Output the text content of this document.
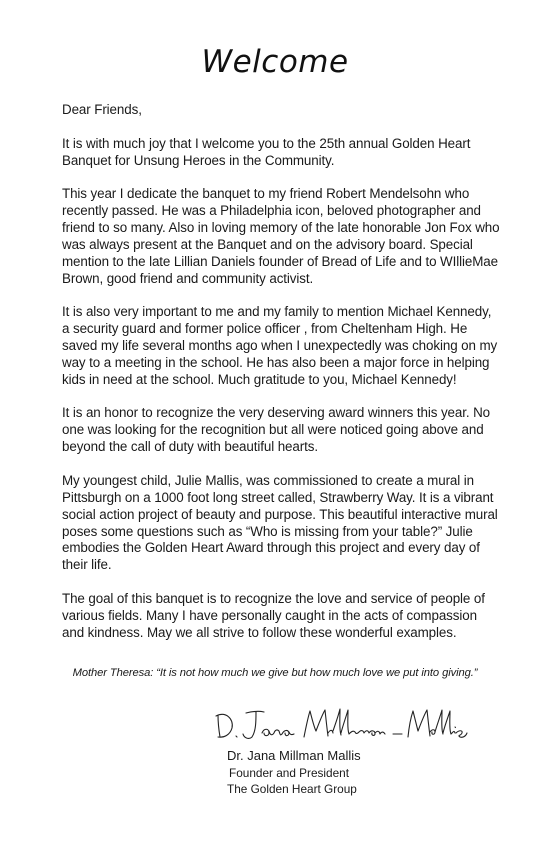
Welcome

Dear Friends,

It is with much joy that I welcome you to the 25th annual Golden Heart Banquet for Unsung Heroes in the Community.

This year I dedicate the banquet to my friend Robert Mendelsohn who recently passed. He was a Philadelphia icon, beloved photographer and friend to so many. Also in loving memory of the late honorable Jon Fox who was always present at the Banquet and on the advisory board. Special mention to the late Lillian Daniels founder of Bread of Life and to WIllieMae Brown, good friend and community activist.

It is also very important to me and my family to mention Michael Kennedy, a security guard and former police officer , from Cheltenham High. He saved my life several months ago when I unexpectedly was choking on my way to a meeting in the school. He has also been a major force in helping kids in need at the school. Much gratitude to you, Michael Kennedy!

It is an honor to recognize the very deserving award winners this year. No one was looking for the recognition but all were noticed going above and beyond the call of duty with beautiful hearts.

My youngest child, Julie Mallis, was commissioned to create a mural in Pittsburgh on a 1000 foot long street called, Strawberry Way. It is a vibrant social action project of beauty and purpose. This beautiful interactive mural poses some questions such as “Who is missing from your table?” Julie embodies the Golden Heart Award through this project and every day of their life.

The goal of this banquet is to recognize the love and service of people of various fields. Many I have personally caught in the acts of compassion and kindness. May we all strive to follow these wonderful examples.

Mother Theresa: “It is not how much we give but how much love we put into giving.”
Dr. Jana Millman Mallis
Founder and President
The Golden Heart Group
